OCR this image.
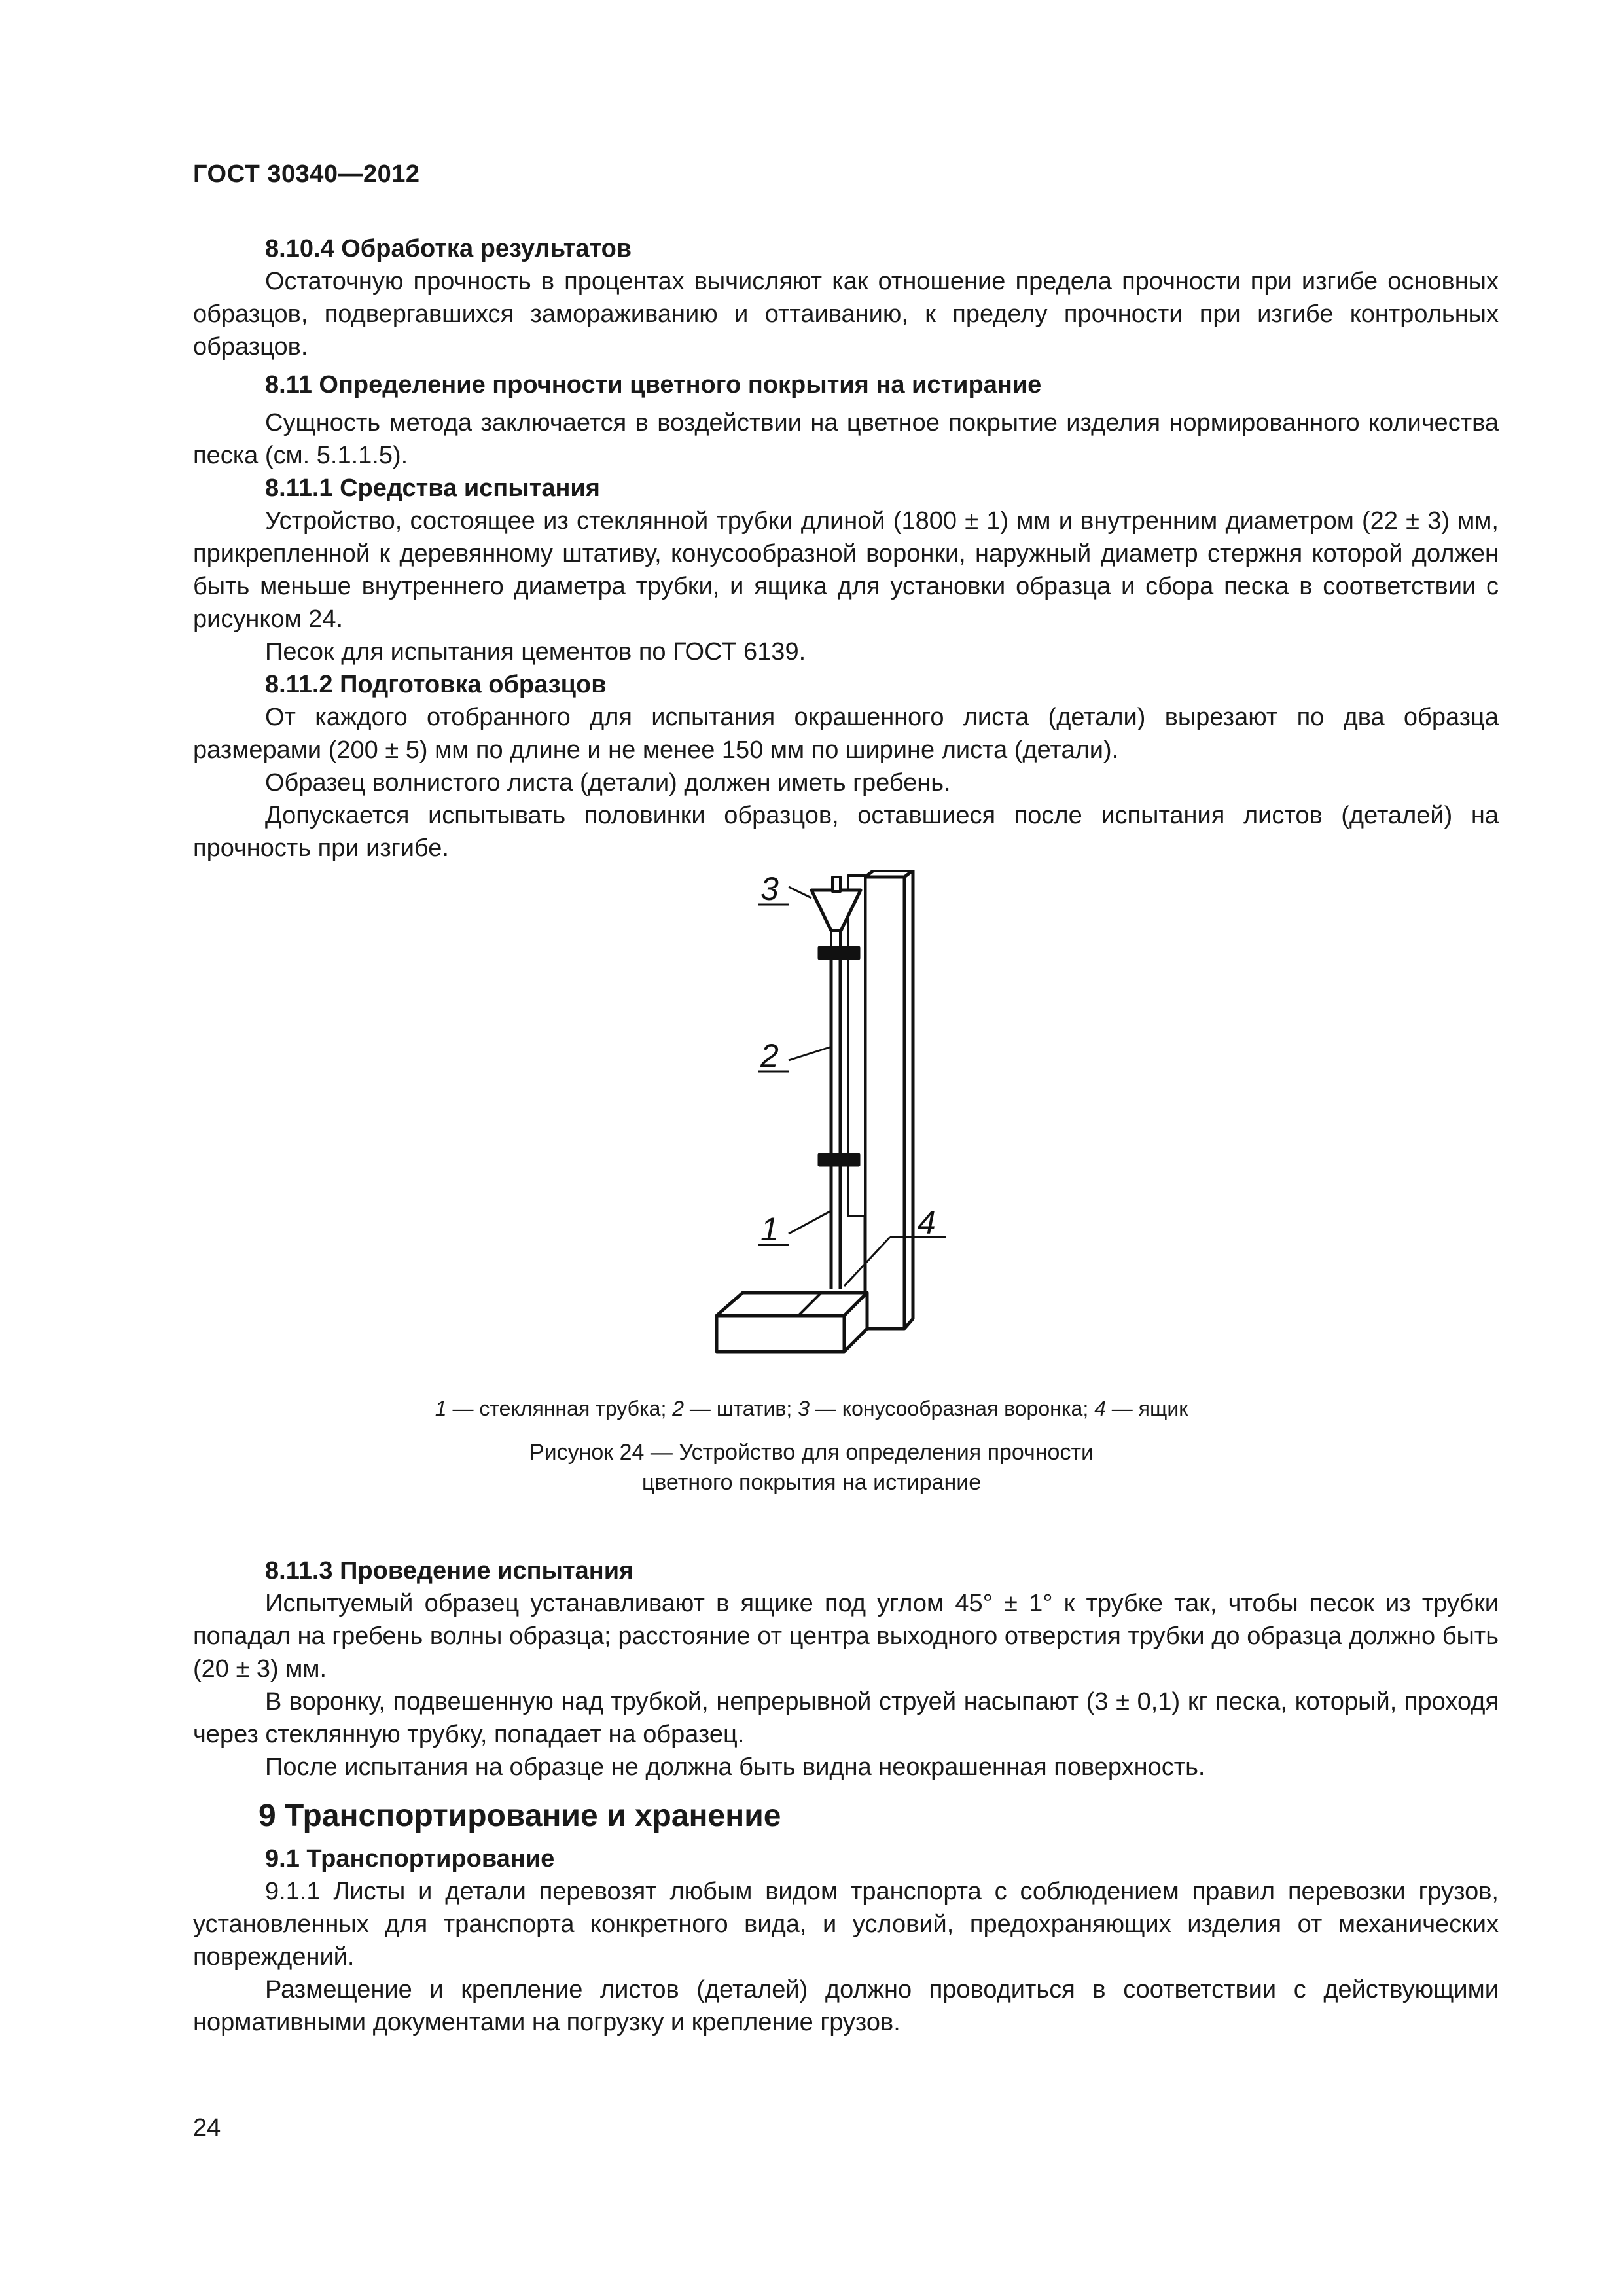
ГОСТ 30340—2012
8.10.4 Обработка результатов

Остаточную прочность в процентах вычисляют как отношение предела прочности при изгибе основных образцов, подвергавшихся замораживанию и оттаиванию, к пределу прочности при изгибе контрольных образцов.

8.11 Определение прочности цветного покрытия на истирание

Сущность метода заключается в воздействии на цветное покрытие изделия нормированного количества песка (см. 5.1.1.5).

8.11.1 Средства испытания

Устройство, состоящее из стеклянной трубки длиной (1800 ± 1) мм и внутренним диаметром (22 ± 3) мм, прикрепленной к деревянному штативу, конусообразной воронки, наружный диаметр стержня которой должен быть меньше внутреннего диаметра трубки, и ящика для установки образца и сбора песка в соответствии с рисунком 24.

Песок для испытания цементов по ГОСТ 6139.

8.11.2 Подготовка образцов

От каждого отобранного для испытания окрашенного листа (детали) вырезают по два образца размерами (200 ± 5) мм по длине и не менее 150 мм по ширине листа (детали).

Образец волнистого листа (детали) должен иметь гребень.

Допускается испытывать половинки образцов, оставшиеся после испытания листов (деталей) на прочность при изгибе.

3
2
1	4
1 — стеклянная трубка; 2 — штатив; 3 — конусообразная воронка; 4 — ящик
Рисунок 24 — Устройство для определения прочности
цветного покрытия на истирание
8.11.3 Проведение испытания

Испытуемый образец устанавливают в ящике под углом 45° ± 1° к трубке так, чтобы песок из трубки попадал на гребень волны образца; расстояние от центра выходного отверстия трубки до образца должно быть (20 ± 3) мм.

В воронку, подвешенную над трубкой, непрерывной струей насыпают (3 ± 0,1) кг песка, который, проходя через стеклянную трубку, попадает на образец.

После испытания на образце не должна быть видна неокрашенная поверхность.

9 Транспортирование и хранение
9.1 Транспортирование

9.1.1 Листы и детали перевозят любым видом транспорта с соблюдением правил перевозки грузов, установленных для транспорта конкретного вида, и условий, предохраняющих изделия от механических повреждений.

Размещение и крепление листов (деталей) должно проводиться в соответствии с действующими нормативными документами на погрузку и крепление грузов.

24
